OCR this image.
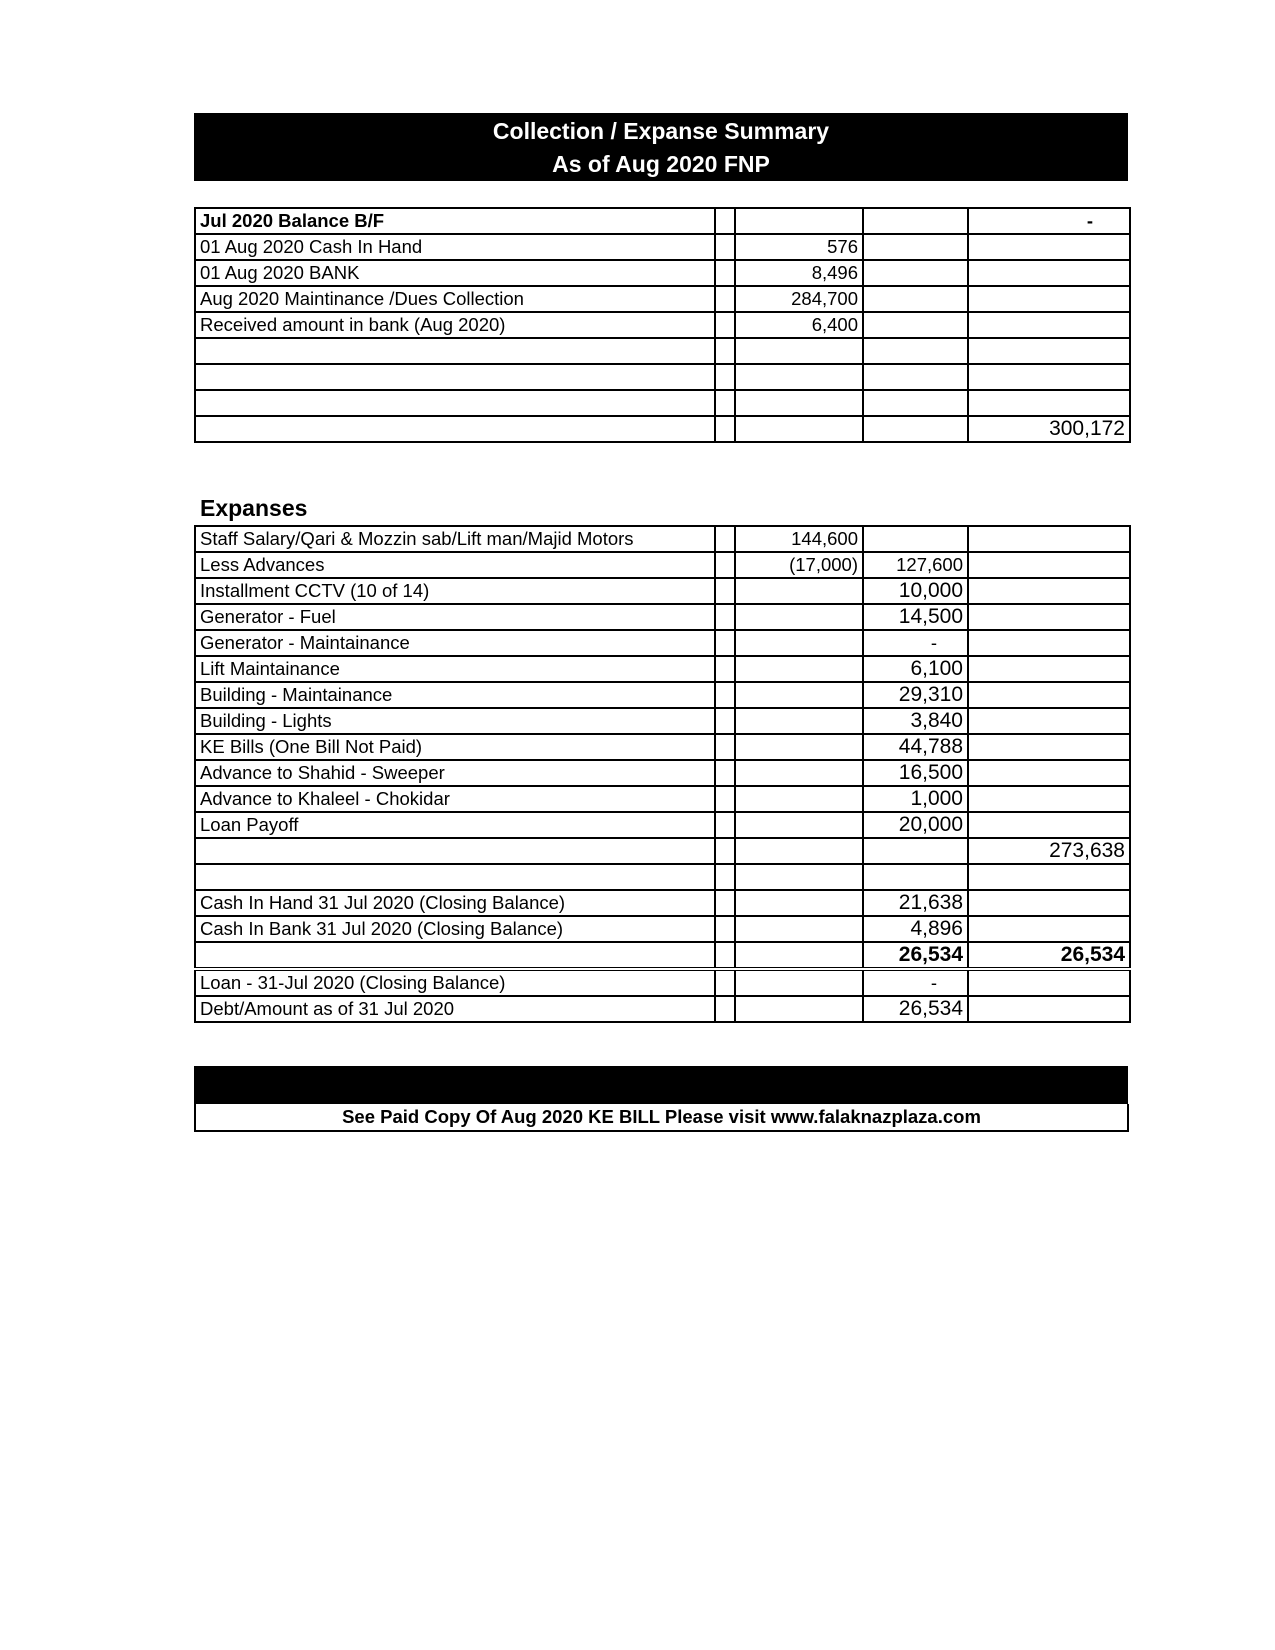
Collection / Expanse Summary
As of Aug 2020 FNP
Jul 2020 Balance B/F				-
01 Aug 2020 Cash In Hand		576		
01 Aug 2020 BANK		8,496		
Aug 2020 Maintinance /Dues Collection		284,700		
Received amount in bank (Aug 2020)		6,400		

				300,172
Expanses
Staff Salary/Qari & Mozzin sab/Lift man/Majid Motors		144,600		
Less Advances		(17,000)	127,600	
Installment CCTV (10 of 14)			10,000	
Generator - Fuel			14,500	
Generator - Maintainance			-	
Lift Maintainance			6,100	
Building - Maintainance			29,310	
Building - Lights			3,840	
KE Bills (One Bill Not Paid)			44,788	
Advance to Shahid - Sweeper			16,500	
Advance to Khaleel - Chokidar			1,000	
Loan Payoff			20,000	
				273,638

Cash In Hand 31 Jul 2020 (Closing Balance)			21,638	
Cash In Bank 31 Jul 2020 (Closing Balance)			4,896	
			26,534	26,534
Loan - 31-Jul 2020 (Closing Balance)			-	
Debt/Amount as of 31 Jul 2020			26,534	
See Paid Copy Of Aug 2020 KE BILL Please visit www.falaknazplaza.com
